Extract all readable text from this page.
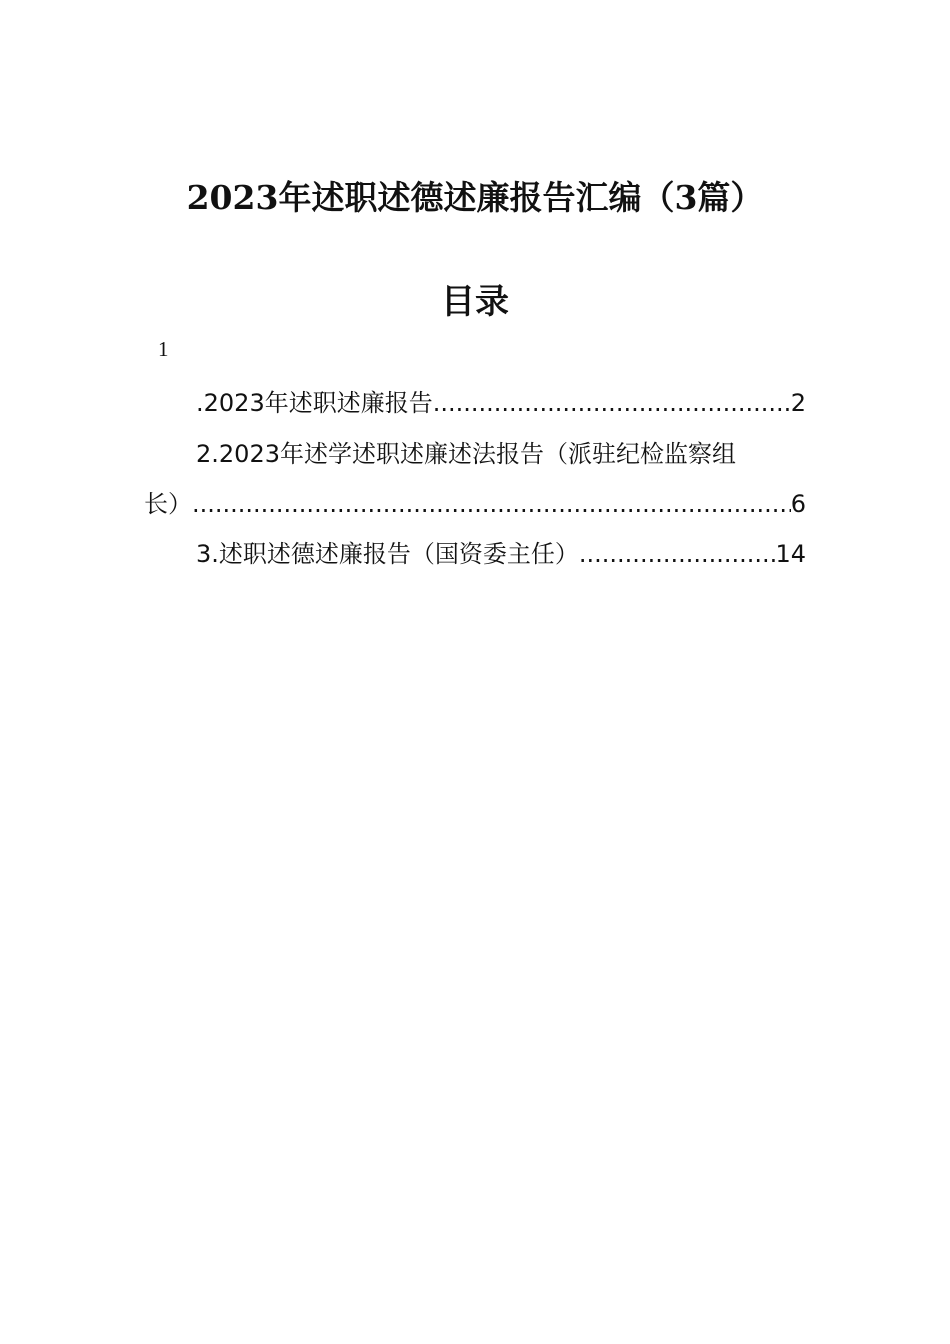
2023年述职述德述廉报告汇编（3篇）
目录
1
.2023年述职述廉报告 .....	2
2.2023年述学述职述廉述法报告（派驻纪检监察组
长） .....	6
3.述职述德述廉报告（国资委主任） .....	14
